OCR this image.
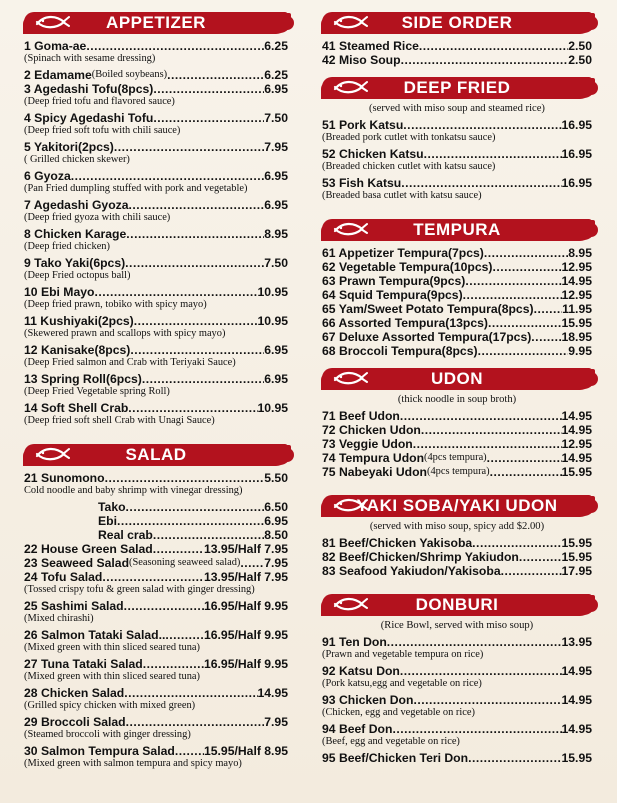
APPETIZER
1 Goma-ae .....	6.25
(Spinach with sesame dressing)
2 Edamame (Boiled soybeans) .....	6.25
3 Agedashi Tofu(8pcs) .....	6.95
(Deep fried tofu and flavored sauce)
4 Spicy Agedashi Tofu .....	7.50
(Deep fried soft tofu with chili sauce)
5 Yakitori(2pcs) .....	7.95
( Grilled chicken skewer)
6 Gyoza .....	6.95
(Pan Fried dumpling stuffed with pork and vegetable)
7 Agedashi Gyoza .....	6.95
(Deep fried gyoza with chili sauce)
8 Chicken Karage .....	8.95
(Deep fried chicken)
9 Tako Yaki(6pcs) .....	7.50
(Deep Fried octopus ball)
10 Ebi Mayo .....	10.95
(Deep fried prawn, tobiko with spicy mayo)
11 Kushiyaki(2pcs) .....	10.95
(Skewered prawn and scallops with spicy mayo)
12 Kanisake(8pcs) .....	6.95
(Deep Fried salmon and Crab with Teriyaki Sauce)
13 Spring Roll(6pcs) .....	6.95
(Deep Fried Vegetable spring Roll)
14 Soft Shell Crab .....	10.95
(Deep fried soft shell Crab with Unagi Sauce)
SALAD
21 Sunomono .....	5.50
Cold noodle and baby shrimp with vinegar dressing)
Tako .....	6.50
Ebi .....	6.95
Real crab .....	8.50
22 House Green Salad .....	13.95/Half 7.95
23 Seaweed Salad (Seasoning seaweed salad) ..... 7.95
24 Tofu Salad .....	13.95/Half 7.95
(Tossed crispy tofu & green salad with ginger dressing)
25 Sashimi Salad .....	16.95/Half 9.95
(Mixed chirashi)
26 Salmon Tataki Salad.. .....	16.95/Half 9.95
(Mixed green with thin sliced seared tuna)
27 Tuna Tataki Salad .....	16.95/Half 9.95
(Mixed green with thin sliced seared tuna)
28 Chicken Salad .....	14.95
(Grilled spicy chicken with mixed green)
29 Broccoli Salad .....	7.95
(Steamed broccoli with ginger dressing)
30 Salmon Tempura Salad ..... 15.95/Half 8.95
(Mixed green with salmon tempura and spicy mayo)
SIDE ORDER
41 Steamed Rice .....	2.50
42 Miso Soup .....	2.50
DEEP FRIED
(served with miso soup and steamed rice)
51 Pork Katsu .....	16.95
(Breaded pork cutlet with tonkatsu sauce)
52 Chicken Katsu .....	16.95
(Breaded chicken cutlet with katsu sauce)
53 Fish Katsu .....	16.95
(Breaded basa cutlet with katsu sauce)
TEMPURA
61 Appetizer Tempura(7pcs) .....	8.95
62 Vegetable Tempura(10pcs) .....	12.95
63 Prawn Tempura(9pcs) .....	14.95
64 Squid Tempura(9pcs) .....	12.95
65 Yam/Sweet Potato Tempura(8pcs) ..... 11.95
66 Assorted Tempura(13pcs) .....	15.95
67 Deluxe Assorted Tempura(17pcs) ..... 18.95
68 Broccoli Tempura(8pcs) .....	9.95
UDON
(thick noodle in soup broth)
71 Beef Udon .....	14.95
72 Chicken Udon .....	14.95
73 Veggie Udon .....	12.95
74 Tempura Udon (4pcs tempura) .....	14.95
75 Nabeyaki Udon (4pcs tempura) .....	15.95
YAKI SOBA/YAKI UDON
(served with miso soup, spicy add $2.00)
81 Beef/Chicken Yakisoba .....	15.95
82 Beef/Chicken/Shrimp Yakiudon .....	15.95
83 Seafood Yakiudon/Yakisoba .....	17.95
DONBURI
(Rice Bowl, served with miso soup)
91 Ten Don .....	13.95
(Prawn and vegetable tempura on rice)
92 Katsu Don .....	14.95
(Pork katsu,egg and vegetable on rice)
93 Chicken Don .....	14.95
(Chicken, egg and vegetable on rice)
94 Beef Don .....	14.95
(Beef, egg and vegetable on rice)
95 Beef/Chicken Teri Don .....	15.95
